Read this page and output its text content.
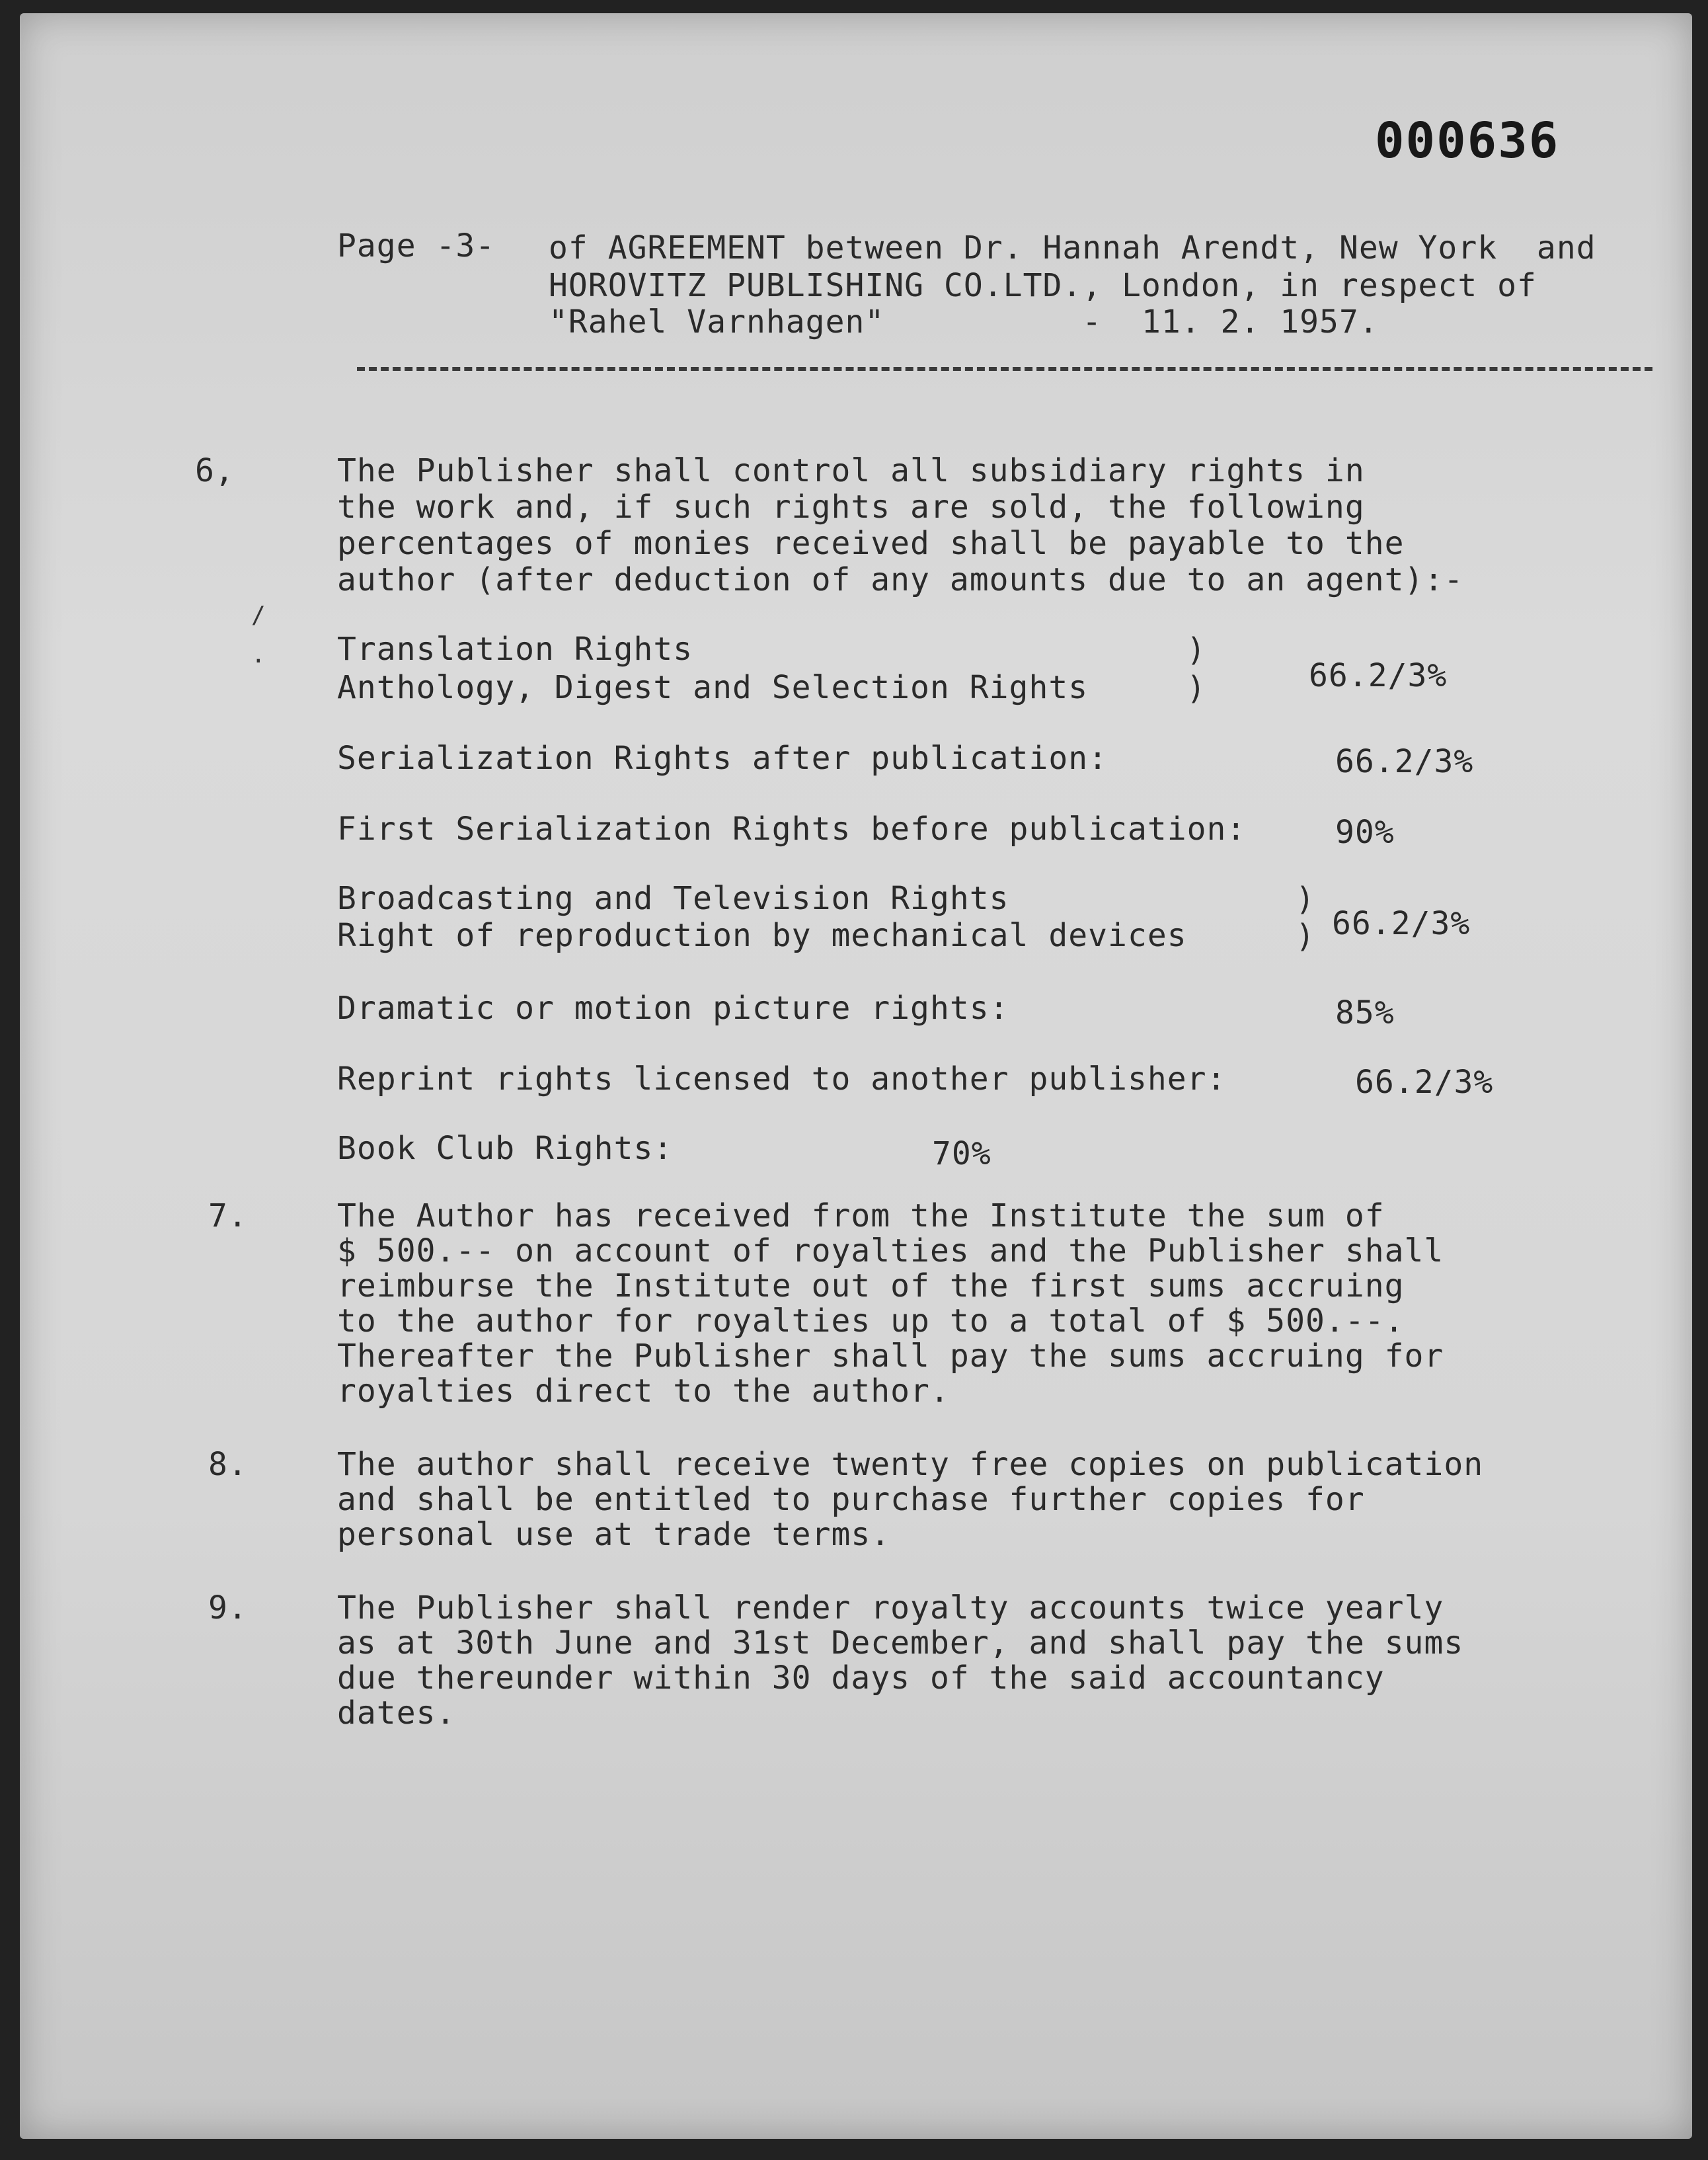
000636
Page -3- of AGREEMENT between Dr. Hannah Arendt, New York  and
HOROVITZ PUBLISHING CO.LTD., London, in respect of
"Rahel Varnhagen"          -  11. 2. 1957.
6,	The Publisher shall control all subsidiary rights in
the work and, if such rights are sold, the following
percentages of monies received shall be payable to the
author (after deduction of any amounts due to an agent):-
/
. Translation Rights
Anthology, Digest and Selection Rights
)
)	66.2/3%
Serialization Rights after publication:	66.2/3%
First Serialization Rights before publication:	90%
Broadcasting and Television Rights
Right of reproduction by mechanical devices
)
) 66.2/3%
Dramatic or motion picture rights:	85%
Reprint rights licensed to another publisher:	66.2/3%
Book Club Rights:	70%
7.	The Author has received from the Institute the sum of
$ 500.-- on account of royalties and the Publisher shall
reimburse the Institute out of the first sums accruing
to the author for royalties up to a total of $ 500.--.
Thereafter the Publisher shall pay the sums accruing for
royalties direct to the author.
8.	The author shall receive twenty free copies on publication
and shall be entitled to purchase further copies for
personal use at trade terms.
9.	The Publisher shall render royalty accounts twice yearly
as at 30th June and 31st December, and shall pay the sums
due thereunder within 30 days of the said accountancy
dates.
